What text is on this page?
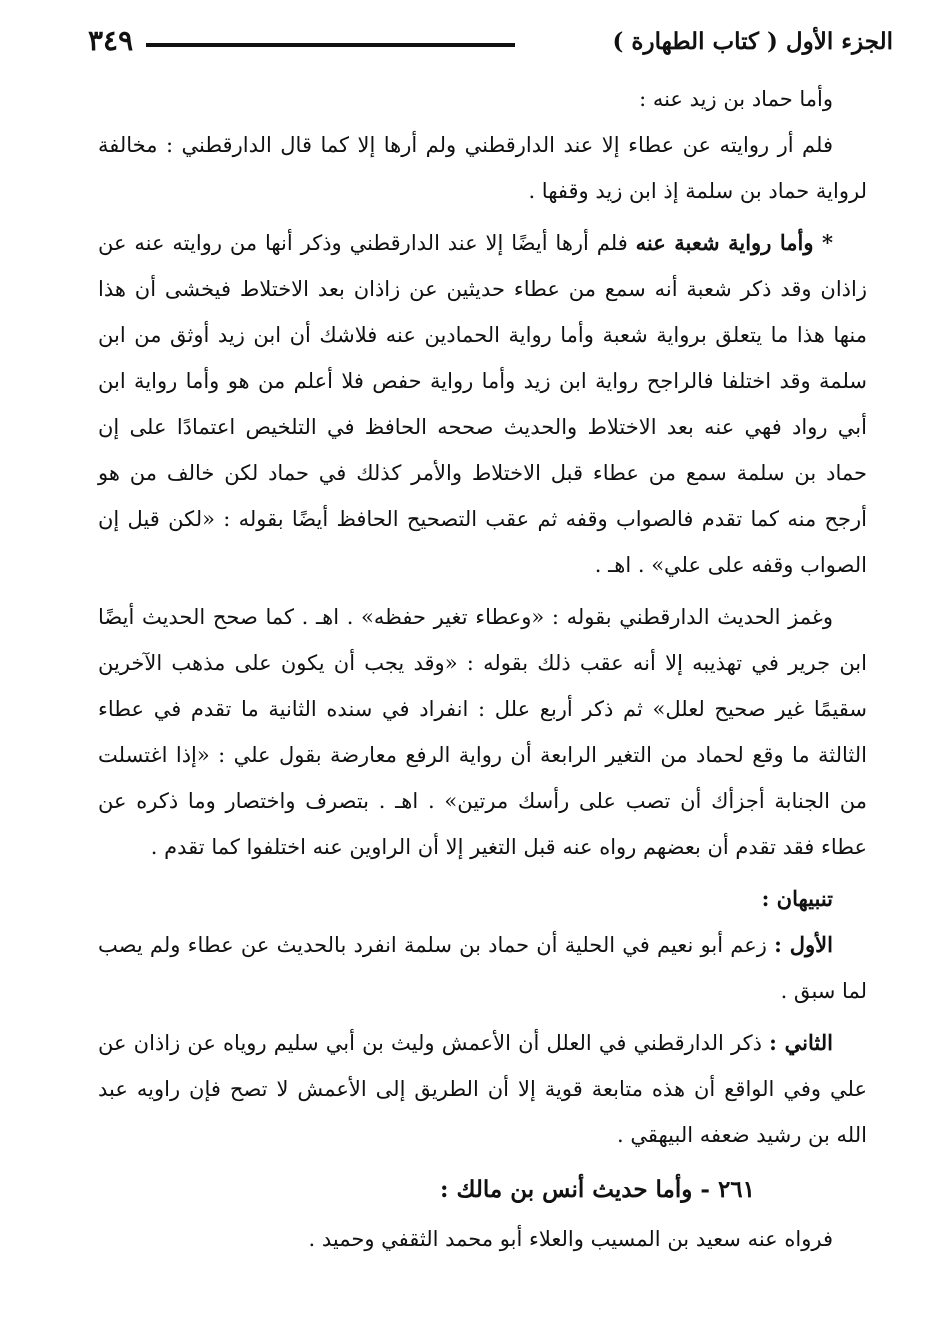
الجزء الأول ( كتاب الطهارة )
٣٤٩

وأما حماد بن زيد عنه :

فلم أر روايته عن عطاء إلا عند الدارقطني ولم أرها إلا كما قال الدارقطني : مخالفة لرواية حماد بن سلمة إذ ابن زيد وقفها .

* وأما رواية شعبة عنه فلم أرها أيضًا إلا عند الدارقطني وذكر أنها من روايته عنه عن زاذان وقد ذكر شعبة أنه سمع من عطاء حديثين عن زاذان بعد الاختلاط فيخشى أن هذا منها هذا ما يتعلق برواية شعبة وأما رواية الحمادين عنه فلاشك أن ابن زيد أوثق من ابن سلمة وقد اختلفا فالراجح رواية ابن زيد وأما رواية حفص فلا أعلم من هو وأما رواية ابن أبي رواد فهي عنه بعد الاختلاط والحديث صححه الحافظ في التلخيص اعتمادًا على إن حماد بن سلمة سمع من عطاء قبل الاختلاط والأمر كذلك في حماد لكن خالف من هو أرجح منه كما تقدم فالصواب وقفه ثم عقب التصحيح الحافظ أيضًا بقوله : «لكن قيل إن الصواب وقفه على علي» . اهـ .

وغمز الحديث الدارقطني بقوله : «وعطاء تغير حفظه» . اهـ . كما صحح الحديث أيضًا ابن جرير في تهذيبه إلا أنه عقب ذلك بقوله : «وقد يجب أن يكون على مذهب الآخرين سقيمًا غير صحيح لعلل» ثم ذكر أربع علل : انفراد في سنده الثانية ما تقدم في عطاء الثالثة ما وقع لحماد من التغير الرابعة أن رواية الرفع معارضة بقول علي : «إذا اغتسلت من الجنابة أجزأك أن تصب على رأسك مرتين» . اهـ . بتصرف واختصار وما ذكره عن عطاء فقد تقدم أن بعضهم رواه عنه قبل التغير إلا أن الراوين عنه اختلفوا كما تقدم .

تنبيهان :

الأول : زعم أبو نعيم في الحلية أن حماد بن سلمة انفرد بالحديث عن عطاء ولم يصب لما سبق .

الثاني : ذكر الدارقطني في العلل أن الأعمش وليث بن أبي سليم روياه عن زاذان عن علي وفي الواقع أن هذه متابعة قوية إلا أن الطريق إلى الأعمش لا تصح فإن راويه عبد الله بن رشيد ضعفه البيهقي .

٢٦١ - وأما حديث أنس بن مالك :

فرواه عنه سعيد بن المسيب والعلاء أبو محمد الثقفي وحميد .
